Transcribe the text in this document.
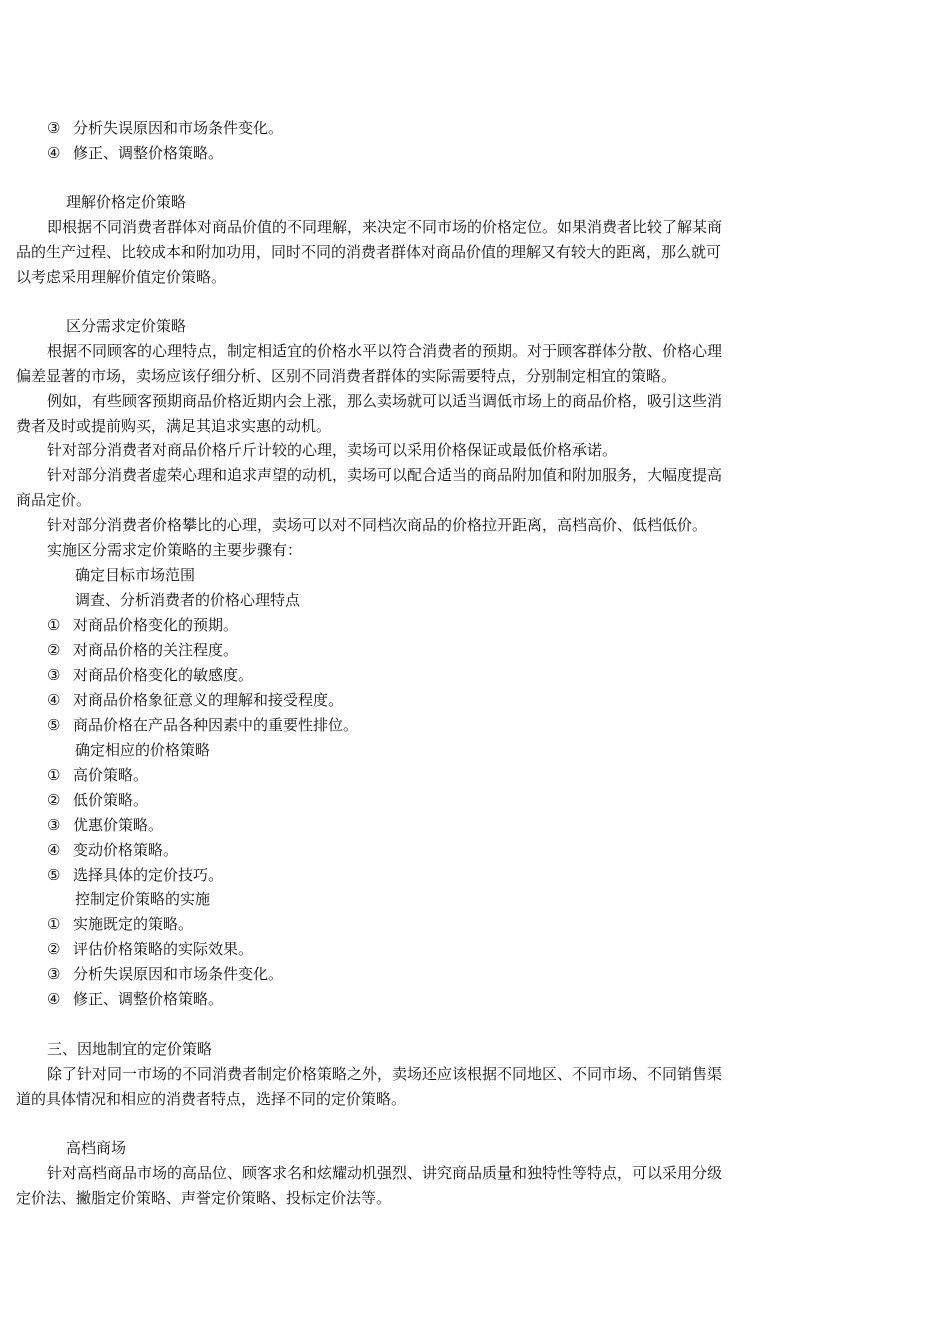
③ 分析失误原因和市场条件变化。
④ 修正、调整价格策略。
理解价格定价策略
即根据不同消费者群体对商品价值的不同理解，来决定不同市场的价格定位。如果消费者比较了解某商
品的生产过程、比较成本和附加功用，同时不同的消费者群体对商品价值的理解又有较大的距离，那么就可
以考虑采用理解价值定价策略。
区分需求定价策略
根据不同顾客的心理特点，制定相适宜的价格水平以符合消费者的预期。对于顾客群体分散、价格心理
偏差显著的市场，卖场应该仔细分析、区别不同消费者群体的实际需要特点，分别制定相宜的策略。
例如，有些顾客预期商品价格近期内会上涨，那么卖场就可以适当调低市场上的商品价格，吸引这些消
费者及时或提前购买，满足其追求实惠的动机。
针对部分消费者对商品价格斤斤计较的心理，卖场可以采用价格保证或最低价格承诺。
针对部分消费者虚荣心理和追求声望的动机，卖场可以配合适当的商品附加值和附加服务，大幅度提高
商品定价。
针对部分消费者价格攀比的心理，卖场可以对不同档次商品的价格拉开距离，高档高价、低档低价。
实施区分需求定价策略的主要步骤有：
确定目标市场范围
调查、分析消费者的价格心理特点
① 对商品价格变化的预期。
② 对商品价格的关注程度。
③ 对商品价格变化的敏感度。
④ 对商品价格象征意义的理解和接受程度。
⑤ 商品价格在产品各种因素中的重要性排位。
确定相应的价格策略
① 高价策略。
② 低价策略。
③ 优惠价策略。
④ 变动价格策略。
⑤ 选择具体的定价技巧。
控制定价策略的实施
① 实施既定的策略。
② 评估价格策略的实际效果。
③ 分析失误原因和市场条件变化。
④ 修正、调整价格策略。
三、因地制宜的定价策略
除了针对同一市场的不同消费者制定价格策略之外，卖场还应该根据不同地区、不同市场、不同销售渠
道的具体情况和相应的消费者特点，选择不同的定价策略。
高档商场
针对高档商品市场的高品位、顾客求名和炫耀动机强烈、讲究商品质量和独特性等特点，可以采用分级
定价法、撇脂定价策略、声誉定价策略、投标定价法等。
